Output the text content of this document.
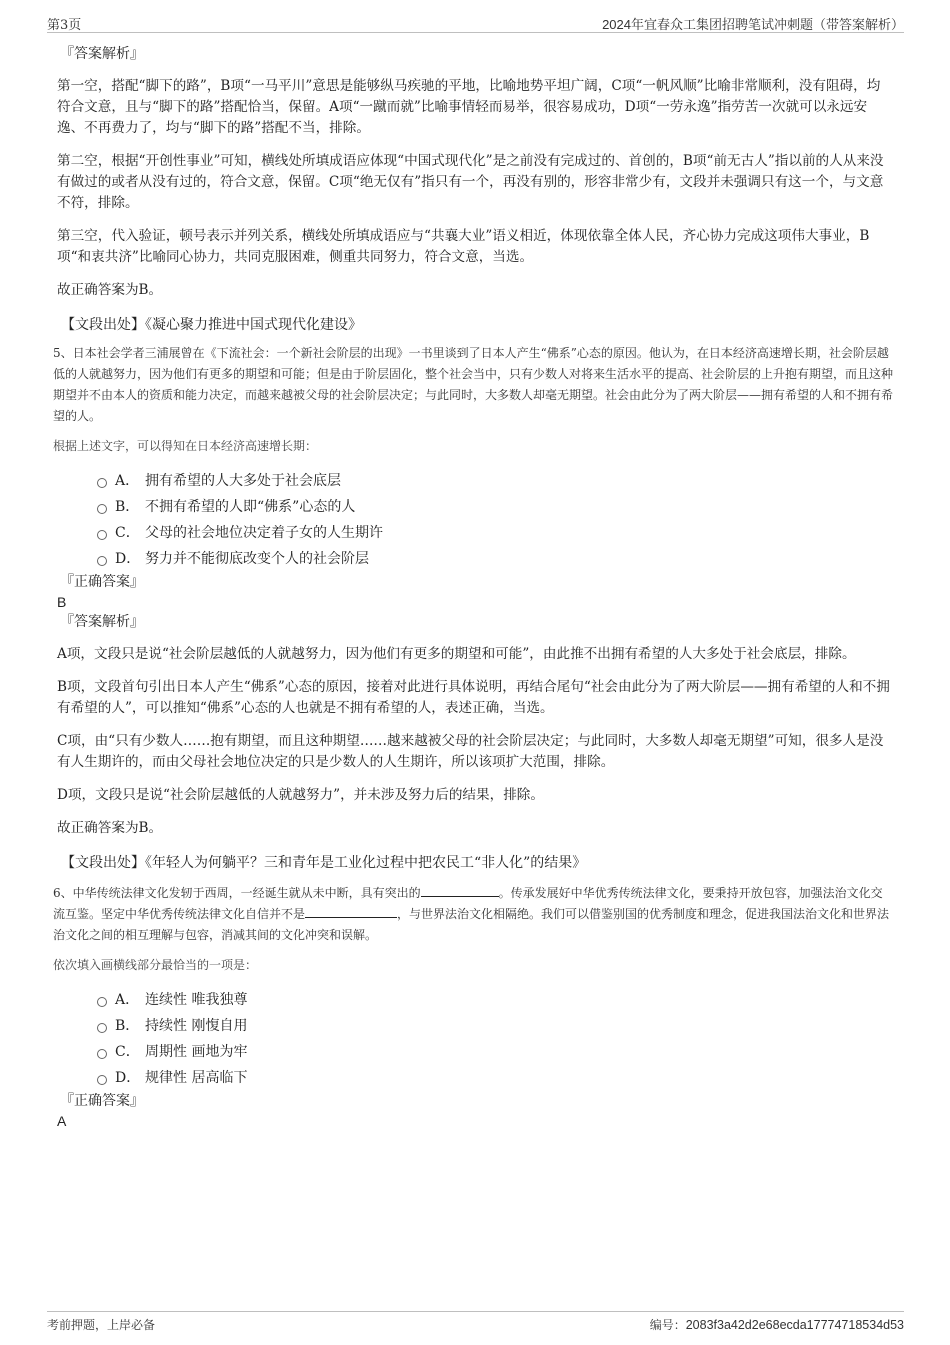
第3页	2024年宜春众工集团招聘笔试冲刺题（带答案解析）

『答案解析』

第一空，搭配“脚下的路”，B项“一马平川”意思是能够纵马疾驰的平地，比喻地势平坦广阔，C项“一帆风顺”比喻非常顺利，没有阻碍，均符合文意，且与“脚下的路”搭配恰当，保留。A项“一蹴而就”比喻事情轻而易举，很容易成功，D项“一劳永逸”指劳苦一次就可以永远安逸、不再费力了，均与“脚下的路”搭配不当，排除。

第二空，根据“开创性事业”可知，横线处所填成语应体现“中国式现代化”是之前没有完成过的、首创的，B项“前无古人”指以前的人从来没有做过的或者从没有过的，符合文意，保留。C项“绝无仅有”指只有一个，再没有别的，形容非常少有，文段并未强调只有这一个，与文意不符，排除。

第三空，代入验证，顿号表示并列关系，横线处所填成语应与“共襄大业”语义相近，体现依靠全体人民，齐心协力完成这项伟大事业，B项“和衷共济”比喻同心协力，共同克服困难，侧重共同努力，符合文意，当选。

故正确答案为B。

【文段出处】《凝心聚力推进中国式现代化建设》

5、日本社会学者三浦展曾在《下流社会：一个新社会阶层的出现》一书里谈到了日本人产生“佛系”心态的原因。他认为，在日本经济高速增长期，社会阶层越低的人就越努力，因为他们有更多的期望和可能；但是由于阶层固化，整个社会当中，只有少数人对将来生活水平的提高、社会阶层的上升抱有期望，而且这种期望并不由本人的资质和能力决定，而越来越被父母的社会阶层决定；与此同时，大多数人却毫无期望。社会由此分为了两大阶层——拥有希望的人和不拥有希望的人。

根据上述文字，可以得知在日本经济高速增长期：

A． 拥有希望的人大多处于社会底层
B． 不拥有希望的人即“佛系”心态的人
C． 父母的社会地位决定着子女的人生期许
D． 努力并不能彻底改变个人的社会阶层

『正确答案』

B

『答案解析』

A项，文段只是说“社会阶层越低的人就越努力，因为他们有更多的期望和可能”，由此推不出拥有希望的人大多处于社会底层，排除。

B项，文段首句引出日本人产生“佛系”心态的原因，接着对此进行具体说明，再结合尾句“社会由此分为了两大阶层——拥有希望的人和不拥有希望的人”，可以推知“佛系”心态的人也就是不拥有希望的人，表述正确，当选。

C项，由“只有少数人……抱有期望，而且这种期望……越来越被父母的社会阶层决定；与此同时，大多数人却毫无期望”可知，很多人是没有人生期许的，而由父母社会地位决定的只是少数人的人生期许，所以该项扩大范围，排除。

D项，文段只是说“社会阶层越低的人就越努力”，并未涉及努力后的结果，排除。

故正确答案为B。

【文段出处】《年轻人为何躺平？三和青年是工业化过程中把农民工“非人化”的结果》

6、中华传统法律文化发轫于西周，一经诞生就从未中断，具有突出的	。传承发展好中华优秀传统法律文化，要秉持开放包容，加强法治文化交流互鉴。坚定中华优秀传统法律文化自信并不是	，与世界法治文化相隔绝。我们可以借鉴别国的优秀制度和理念，促进我国法治文化和世界法治文化之间的相互理解与包容，消减其间的文化冲突和误解。

依次填入画横线部分最恰当的一项是：

A． 连续性 唯我独尊
B． 持续性 刚愎自用
C． 周期性 画地为牢
D． 规律性 居高临下

『正确答案』

A

考前押题，上岸必备	编号：2083f3a42d2e68ecda17774718534d53
